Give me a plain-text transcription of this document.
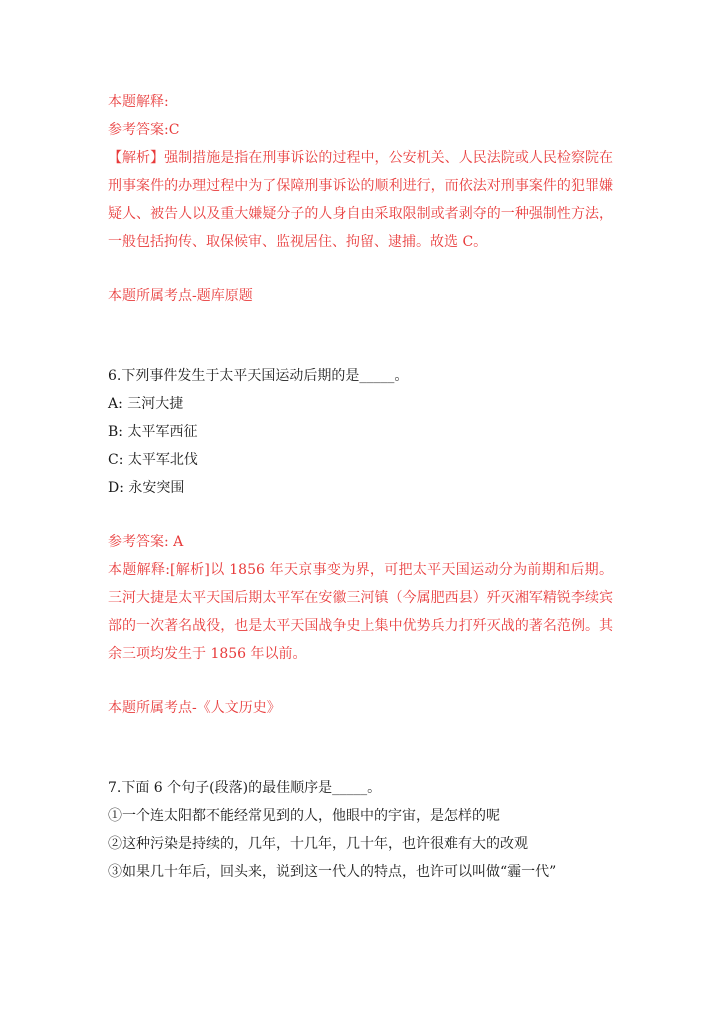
本题解释:

参考答案:C

【解析】强制措施是指在刑事诉讼的过程中，公安机关、人民法院或人民检察院在刑事案件的办理过程中为了保障刑事诉讼的顺利进行，而依法对刑事案件的犯罪嫌疑人、被告人以及重大嫌疑分子的人身自由采取限制或者剥夺的一种强制性方法，一般包括拘传、取保候审、监视居住、拘留、逮捕。故选 C。

本题所属考点-题库原题

6.下列事件发生于太平天国运动后期的是_____。

A: 三河大捷

B: 太平军西征

C: 太平军北伐

D: 永安突围

参考答案: A

本题解释:[解析]以 1856 年天京事变为界，可把太平天国运动分为前期和后期。三河大捷是太平天国后期太平军在安徽三河镇（今属肥西县）歼灭湘军精锐李续宾部的一次著名战役，也是太平天国战争史上集中优势兵力打歼灭战的著名范例。其余三项均发生于 1856 年以前。

本题所属考点-《人文历史》

7.下面 6 个句子(段落)的最佳顺序是_____。

①一个连太阳都不能经常见到的人，他眼中的宇宙，是怎样的呢

②这种污染是持续的，几年，十几年，几十年，也许很难有大的改观

③如果几十年后，回头来，说到这一代人的特点，也许可以叫做“霾一代”
